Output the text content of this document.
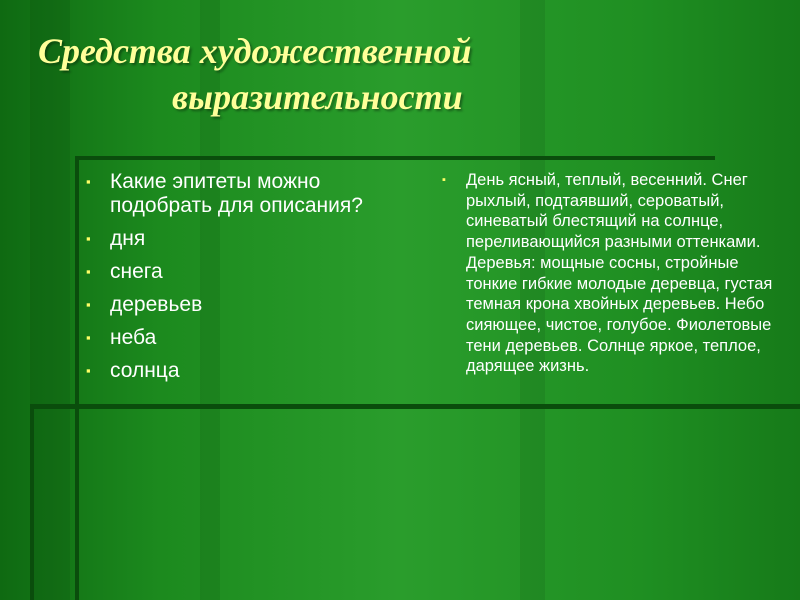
Средства художественной
выразительности
▪ Какие эпитеты можно подобрать для описания?
▪ дня
▪ снега
▪ деревьев
▪ неба
▪ солнца
▪ День ясный, теплый, весенний. Снег рыхлый, подтаявший, сероватый, синеватый блестящий на солнце, переливающийся разными оттенками. Деревья: мощные сосны, стройные тонкие гибкие молодые деревца, густая темная крона хвойных деревьев. Небо сияющее, чистое, голубое. Фиолетовые тени деревьев. Солнце яркое, теплое, дарящее жизнь.
